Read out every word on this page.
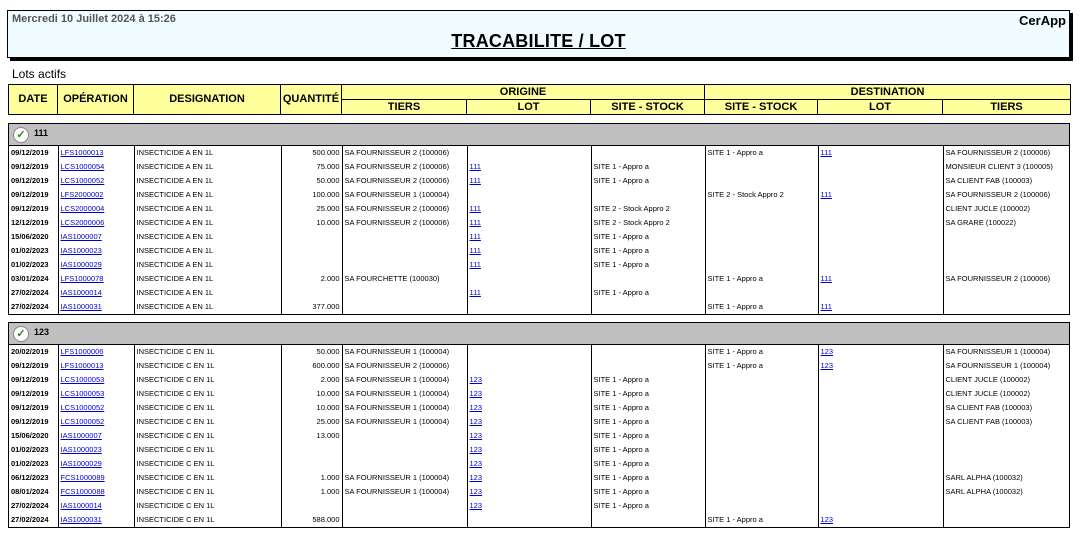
Mercredi 10 Juillet 2024 à 15:26	CerApp
TRACABILITE / LOT
Lots actifs
DATE	OPÉRATION	DESIGNATION	QUANTITÉ	ORIGINE			DESTINATION		
				TIERS	LOT	SITE - STOCK	SITE - STOCK	LOT	TIERS
✓ 111
09/12/2019	LFS1000013	INSECTICIDE A EN 1L	500.000	SA FOURNISSEUR 2 (100006)			SITE 1 - Appro a	111	SA FOURNISSEUR 2 (100006)
09/12/2019	LCS1000054	INSECTICIDE A EN 1L	75.000	SA FOURNISSEUR 2 (100006)	111	SITE 1 - Appro a			MONSIEUR CLIENT 3 (100005)
09/12/2019	LCS1000052	INSECTICIDE A EN 1L	50.000	SA FOURNISSEUR 2 (100006)	111	SITE 1 - Appro a			SA CLIENT FAB (100003)
09/12/2019	LFS2000002	INSECTICIDE A EN 1L	100.000	SA FOURNISSEUR 1 (100004)			SITE 2 - Stock Appro 2	111	SA FOURNISSEUR 2 (100006)
09/12/2019	LCS2000004	INSECTICIDE A EN 1L	25.000	SA FOURNISSEUR 2 (100006)	111	SITE 2 - Stock Appro 2			CLIENT JUCLE (100002)
12/12/2019	LCS2000006	INSECTICIDE A EN 1L	10.000	SA FOURNISSEUR 2 (100006)	111	SITE 2 - Stock Appro 2			SA GRARE (100022)
15/06/2020	IAS1000007	INSECTICIDE A EN 1L			111	SITE 1 - Appro a			
01/02/2023	IAS1000023	INSECTICIDE A EN 1L			111	SITE 1 - Appro a			
01/02/2023	IAS1000029	INSECTICIDE A EN 1L			111	SITE 1 - Appro a			
03/01/2024	LFS1000078	INSECTICIDE A EN 1L	2.000	SA FOURCHETTE (100030)			SITE 1 - Appro a	111	SA FOURNISSEUR 2 (100006)
27/02/2024	IAS1000014	INSECTICIDE A EN 1L			111	SITE 1 - Appro a			
27/02/2024	IAS1000031	INSECTICIDE A EN 1L	377.000				SITE 1 - Appro a	111	
✓ 123
20/02/2019	LFS1000006	INSECTICIDE C EN 1L	50.000	SA FOURNISSEUR 1 (100004)			SITE 1 - Appro a	123	SA FOURNISSEUR 1 (100004)
09/12/2019	LFS1000013	INSECTICIDE C EN 1L	600.000	SA FOURNISSEUR 2 (100006)			SITE 1 - Appro a	123	SA FOURNISSEUR 1 (100004)
09/12/2019	LCS1000053	INSECTICIDE C EN 1L	2.000	SA FOURNISSEUR 1 (100004)	123	SITE 1 - Appro a			CLIENT JUCLE (100002)
09/12/2019	LCS1000053	INSECTICIDE C EN 1L	10.000	SA FOURNISSEUR 1 (100004)	123	SITE 1 - Appro a			CLIENT JUCLE (100002)
09/12/2019	LCS1000052	INSECTICIDE C EN 1L	10.000	SA FOURNISSEUR 1 (100004)	123	SITE 1 - Appro a			SA CLIENT FAB (100003)
09/12/2019	LCS1000052	INSECTICIDE C EN 1L	25.000	SA FOURNISSEUR 1 (100004)	123	SITE 1 - Appro a			SA CLIENT FAB (100003)
15/06/2020	IAS1000007	INSECTICIDE C EN 1L	13.000		123	SITE 1 - Appro a			
01/02/2023	IAS1000023	INSECTICIDE C EN 1L			123	SITE 1 - Appro a			
01/02/2023	IAS1000029	INSECTICIDE C EN 1L			123	SITE 1 - Appro a			
06/12/2023	FCS1000089	INSECTICIDE C EN 1L	1.000	SA FOURNISSEUR 1 (100004)	123	SITE 1 - Appro a			SARL ALPHA (100032)
08/01/2024	FCS1000088	INSECTICIDE C EN 1L	1.000	SA FOURNISSEUR 1 (100004)	123	SITE 1 - Appro a			SARL ALPHA (100032)
27/02/2024	IAS1000014	INSECTICIDE C EN 1L			123	SITE 1 - Appro a			
27/02/2024	IAS1000031	INSECTICIDE C EN 1L	588.000				SITE 1 - Appro a	123	
